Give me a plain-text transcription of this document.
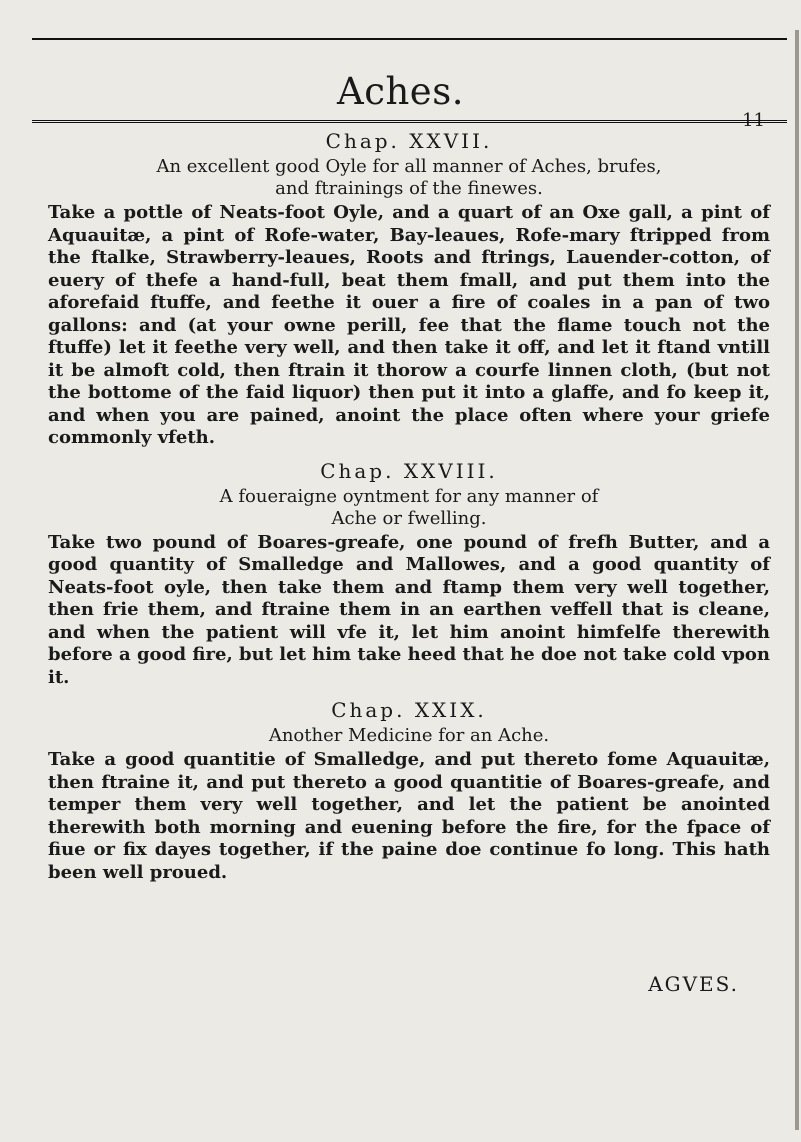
Aches.
11
Chap. XXVII.
An excellent good Oyle for all manner of Aches, brufes,
and ftrainings of the finewes.

Take a pottle of Neats-foot Oyle, and a quart of an Oxe gall, a pint of Aquauitæ, a pint of Rofe-water, Bay-leaues, Rofe-mary ftripped from the ftalke, Strawberry-leaues, Roots and ftrings, Lauender-cotton, of euery of thefe a hand-full, beat them fmall, and put them into the aforefaid ftuffe, and feethe it ouer a fire of coales in a pan of two gallons: and (at your owne perill, fee that the flame touch not the ftuffe) let it feethe very well, and then take it off, and let it ftand vntill it be almoft cold, then ftrain it thorow a courfe linnen cloth, (but not the bottome of the faid liquor) then put it into a glaffe, and fo keep it, and when you are pained, anoint the place often where your griefe commonly vfeth.

Chap. XXVIII.
A foueraigne oyntment for any manner of
Ache or fwelling.

Take two pound of Boares-greafe, one pound of frefh Butter, and a good quantity of Smalledge and Mallowes, and a good quantity of Neats-foot oyle, then take them and ftamp them very well together, then frie them, and ftraine them in an earthen veffell that is cleane, and when the patient will vfe it, let him anoint himfelfe therewith before a good fire, but let him take heed that he doe not take cold vpon it.

Chap. XXIX.
Another Medicine for an Ache.

Take a good quantitie of Smalledge, and put thereto fome Aquauitæ, then ftraine it, and put thereto a good quantitie of Boares-greafe, and temper them very well together, and let the patient be anointed therewith both morning and euening before the fire, for the fpace of fiue or fix dayes together, if the paine doe continue fo long. This hath been well proued.

AGVES.
